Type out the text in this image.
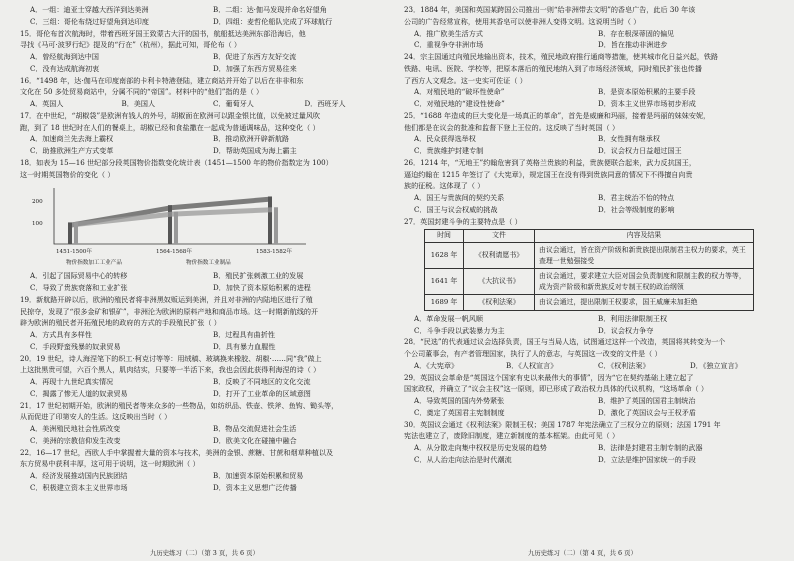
A．一组：迪亚士穿越大西洋到达美洲	B．二组：达·伽马发现并命名好望角
C．三组：哥伦布绕过好望角到达印度	D．四组：麦哲伦船队完成了环球航行
15．哥伦布首次航海时，带着西班牙国王致蒙古大汗的国书，航船抵达美洲东部沿海后，他
寻找《马可·波罗行纪》提及的“行在”（杭州），据此可知，哥伦布（ ）
A．曾经航海到达中国	B．促进了东西方友好交流
C．没有达成航海初衷	D．加强了东西方贸易往来
16．“1498 年，达·伽马在印度南部的卡利卡特港登陆，建立商站并开始了以后在非非和东
文化在 50 多处贸易商站中，分属不同的“帝国”。材料中的“他们”指的是（ ）
A．英国人	B．美国人	C．葡萄牙人	D．西班牙人
17．在中世纪，“胡椒袋”是欧洲有钱人的外号，胡椒面在欧洲可以跟金银比值，以免被过量风吹
跑，到了 18 世纪时在人们的餐桌上，胡椒已经和食盐撒在一起成为普通调味品，这种变化（ ）
A．加速商兰先去海上霸权	B．推动欧洲开辟新航路
C．助推欧洲生产方式变革	D．帮助英国成为海上霸主
18．如表为 15—16 世纪部分段英国物价指数变化统计表（1451—1500 年的物价指数定为 100）
这一时期英国物价的变化（ ）
200
100
1451-1500年	1564-1568年	1583-1582年
物价指数加工工业产品	物价指数工业制品
A．引起了国际贸易中心的转移	B．殖民扩张刺激工业的发展
C．导致了贵族衰落和工业扩张	D．加快了资本原始积累的进程
19．新航路开辟以后，欧洲的殖民者将非洲黑奴贩运到美洲，并且对非洲的内陆地区进行了殖
民掠夺，发现了“很多金矿和银矿”，非洲沦为欧洲的原料产地和商品市场。这一时期新航线的开
辟为欧洲的殖民者开拓殖民地的政府的方式的手段殖民扩张（ ）
A．方式具有多样性	B．过程具有曲折性
C．手段野蛮残暴的奴隶贸易	D．具有暴力血腥性
20．19 世纪，诗人海涅笔下的织工·柯克讨等等：用绒稿、玻璃换来橡胶、胡椒·……同“我”做上
上这批黑贵可望，六百个黑人，肌肉结实，只要等一半活下来，我也会因此获得利海涅的诗（ ）
A．再现十九世纪真实情况	B．反映了不同地区的文化交流
C．揭露了惨无人道的奴隶贸易	D．打开了工业革命的区域意图
21．17 世纪初期开始，欧洲的殖民者等来众多的一些物品，如纺织品、铁壶、铁斧、鱼钩、锄头等，
从而促进了印第安人的生活。这反映出当时（ ）
A．美洲殖民地社会性质改变	B．物品交流促进社会生活
C．美洲的宗教信仰发生改变	D．欧美文化在碰撞中融合
22．16—17 世纪，西欧人手中掌握着大量的资本与技术，美洲的金银、蔗糖、甘蔗和烟草种植以及
东方贸易中获利丰厚，这可用于说明，这一时期欧洲（ ）
A．经济发展推动国内民族团结	B．加速资本原始积累和贸易
C．积极建立资本主义世界市场	D．资本主义思想广泛传播
23．1884 年，美国和英国某跨国公司推出一则“给非洲带去文明”的香皂广告，此后 30 年该
公司的广告经常宣称，使用其香皂可以使非洲人变得文明。这说明当时（ ）
A．推广欧美生活方式	B．存在根深蒂固的偏见
C．重视争夺非洲市场	D．旨在推动非洲进步
24．宗主国通过向殖民地输出资本，技术，殖民地政府推行通商等措施，使其城市化日益兴起，铁路
铁路、电讯、医院、学校等，把原本落后的殖民地纳入到了市场经济领域，同时殖民扩张也传播
了西方人文观念。这一史实可佐证（ ）
A．对殖民地的“破坏性使命”	B．是资本原始积累的主要手段
C．对殖民地的“建设性使命”	D．资本主义世界市场初步形成
25．“1688 年造成的巨大变化是一场真正的革命”，首先是威廉和玛丽，接着是玛丽的妹妹安妮，
他们都是在议会的批准和监督下登上王位的。这反映了当时英国（ ）
A．民众获得选举权	B．女性拥有继承权
C．贵族维护封建专制	D．议会权力日益超过国王
26．1214 年，“无地王”约翰危害到了英格兰贵族的利益，贵族便联合起来，武力反抗国王，
逼迫约翰在 1215 年签订了《大宪章》，规定国王在没有得到贵族同意的情况下不得擅自向贵
族的征税。这体现了（ ）
A．国王与贵族间的契约关系	B．君主统治不怡的特点
C．国王与议会权威的挑战	D．社会等级制度的影响
27．英国封建斗争的主要特点是（ ）
时间	文件	内容及结果
1628 年	《权利请愿书》	由议会通过，旨在资产阶级和新贵族提出限制君主权力的要求，英王查理一世勉强接受
1641 年	《大抗议书》	由议会通过，要求建立大臣对国会负责制度和限制主教的权力等等，成为资产阶级和新贵族反对专制王权的政治纲领
1689 年	《权利法案》	由议会通过，提出限制王权要求，国王威廉未加拒绝
A．革命发展一帆风顺	B．利用法律限制王权
C．斗争手段以武装暴力为主	D．议会权力争夺
28．“民选”的代表通过议会选择负责，国王与当局人选，试图通过这样一个改造，英国将其转变为一个
个公司董事会，有产者管理国家，执行了人的意志，与英国这一改变的文件是（ ）
A．《大宪章》	B．《人权宣言》	C．《权利法案》	D．《独立宣言》
29．英国议会革命是“英国这个国家有史以来最伟大的事情”，因为“它在契约基础上建立起了
国家政权，并确立了“议会主权”这一原则，即已形成了政治权力具体的代议机构，“这场革命（ ）
A．导致英国的国内外势紧张	B．维护了英国的国君主制统治
C．奠定了英国君主宪制制度	D．激化了英国议会与王权矛盾
30．英国议会通过《权利法案》限制王权；美国 1787 年宪法确立了三权分立的原则；法国 1791 年
宪法也建立了，废除旧制度，建立新制度的基本框架。由此可见（ ）
A．从分散走向集中权权是历史发展的趋势	B．法律是封建君主制专制的武器
C．从人治走向法治是时代潮流	D．立法是维护国家统一的手段
九历史练习（二）（第 3 页，共 6 页）	九历史练习（二）（第 4 页，共 6 页）
